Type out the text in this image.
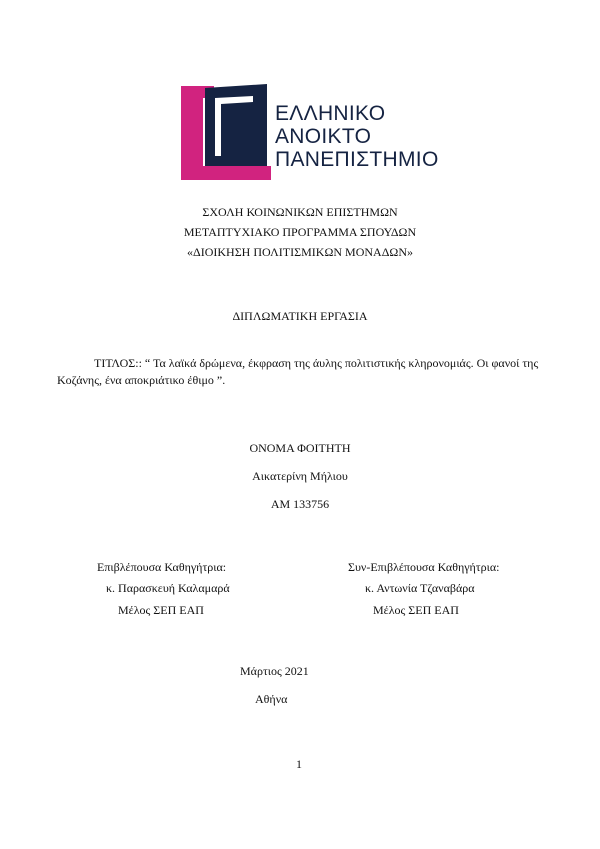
ΕΛΛΗΝΙΚΟ
ΑΝΟΙΚΤΟ
ΠΑΝΕΠΙΣΤΗΜΙΟ
ΣΧΟΛΗ ΚΟΙΝΩΝΙΚΩΝ ΕΠΙΣΤΗΜΩΝ
ΜΕΤΑΠΤΥΧΙΑΚΟ ΠΡΟΓΡΑΜΜΑ ΣΠΟΥΔΩΝ
«ΔΙΟΙΚΗΣΗ ΠΟΛΙΤΙΣΜΙΚΩΝ ΜΟΝΑΔΩΝ»
ΔΙΠΛΩΜΑΤΙΚΗ ΕΡΓΑΣΙΑ
ΤΙΤΛΟΣ:: “ Τα λαϊκά δρώμενα, έκφραση της άυλης πολιτιστικής κληρονομιάς. Οι φανοί της Κοζάνης, ένα αποκριάτικο έθιμο ”.
ΟΝΟΜΑ ΦΟΙΤΗΤΗ
Αικατερίνη Μήλιου
ΑΜ 133756
Επιβλέπουσα Καθηγήτρια:
κ. Παρασκευή Καλαμαρά
Μέλος ΣΕΠ ΕΑΠ
Συν-Επιβλέπουσα Καθηγήτρια:
κ. Αντωνία Τζαναβάρα
Μέλος ΣΕΠ ΕΑΠ
Μάρτιος 2021
Αθήνα
1
